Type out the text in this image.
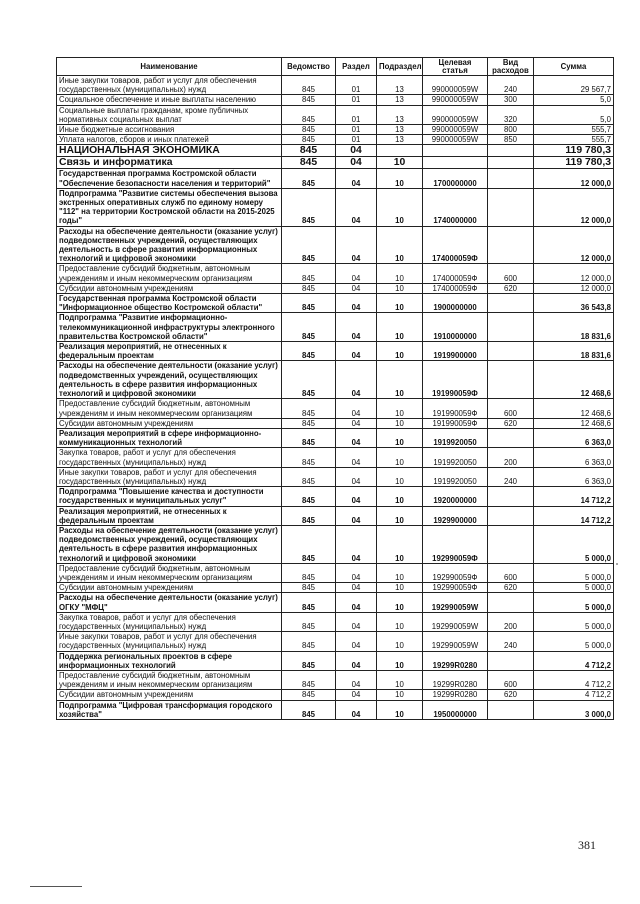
Наименование	Ведомство	Раздел	Подраздел	Целевая статья	Вид расходов	Сумма
Иные закупки товаров, работ и услуг для обеспечения государственных (муниципальных) нужд	845	01	13	990000059W	240	29 567,7
Социальное обеспечение и иные выплаты населению	845	01	13	990000059W	300	5,0
Социальные выплаты гражданам, кроме публичных нормативных социальных выплат	845	01	13	990000059W	320	5,0
Иные бюджетные ассигнования	845	01	13	990000059W	800	555,7
Уплата налогов, сборов и иных платежей	845	01	13	990000059W	850	555,7
НАЦИОНАЛЬНАЯ ЭКОНОМИКА	845	04				119 780,3
Связь и информатика	845	04	10			119 780,3
Государственная программа Костромской области "Обеспечение безопасности населения и территорий"	845	04	10	1700000000		12 000,0
Подпрограмма "Развитие системы обеспечения вызова экстренных оперативных служб по единому номеру "112" на территории Костромской области на 2015-2025 годы"	845	04	10	1740000000		12 000,0
Расходы на обеспечение деятельности (оказание услуг) подведомственных учреждений, осуществляющих деятельность в сфере развития информационных технологий и цифровой экономики	845	04	10	174000059Ф		12 000,0
Предоставление субсидий бюджетным, автономным учреждениям и иным некоммерческим организациям	845	04	10	174000059Ф	600	12 000,0
Субсидии автономным учреждениям	845	04	10	174000059Ф	620	12 000,0
Государственная программа Костромской области "Информационное общество Костромской области"	845	04	10	1900000000		36 543,8
Подпрограмма "Развитие информационно-телекоммуникационной инфраструктуры электронного правительства Костромской области"	845	04	10	1910000000		18 831,6
Реализация мероприятий, не отнесенных к федеральным проектам	845	04	10	1919900000		18 831,6
Расходы на обеспечение деятельности (оказание услуг) подведомственных учреждений, осуществляющих деятельность в сфере развития информационных технологий и цифровой экономики	845	04	10	191990059Ф		12 468,6
Предоставление субсидий бюджетным, автономным учреждениям и иным некоммерческим организациям	845	04	10	191990059Ф	600	12 468,6
Субсидии автономным учреждениям	845	04	10	191990059Ф	620	12 468,6
Реализация мероприятий в сфере информационно-коммуникационных технологий	845	04	10	1919920050		6 363,0
Закупка товаров, работ и услуг для обеспечения государственных (муниципальных) нужд	845	04	10	1919920050	200	6 363,0
Иные закупки товаров, работ и услуг для обеспечения государственных (муниципальных) нужд	845	04	10	1919920050	240	6 363,0
Подпрограмма "Повышение качества и доступности государственных и муниципальных услуг"	845	04	10	1920000000		14 712,2
Реализация мероприятий, не отнесенных к федеральным проектам	845	04	10	1929900000		14 712,2
Расходы на обеспечение деятельности (оказание услуг) подведомственных учреждений, осуществляющих деятельность в сфере развития информационных технологий и цифровой экономики	845	04	10	192990059Ф		5 000,0
Предоставление субсидий бюджетным, автономным учреждениям и иным некоммерческим организациям	845	04	10	192990059Ф	600	5 000,0
Субсидии автономным учреждениям	845	04	10	192990059Ф	620	5 000,0
Расходы на обеспечение деятельности (оказание услуг) ОГКУ "МФЦ"	845	04	10	192990059W		5 000,0
Закупка товаров, работ и услуг для обеспечения государственных (муниципальных) нужд	845	04	10	192990059W	200	5 000,0
Иные закупки товаров, работ и услуг для обеспечения государственных (муниципальных) нужд	845	04	10	192990059W	240	5 000,0
Поддержка региональных проектов в сфере информационных технологий	845	04	10	19299R0280		4 712,2
Предоставление субсидий бюджетным, автономным учреждениям и иным некоммерческим организациям	845	04	10	19299R0280	600	4 712,2
Субсидии автономным учреждениям	845	04	10	19299R0280	620	4 712,2
Подпрограмма "Цифровая трансформация городского хозяйства"	845	04	10	1950000000		3 000,0
381
